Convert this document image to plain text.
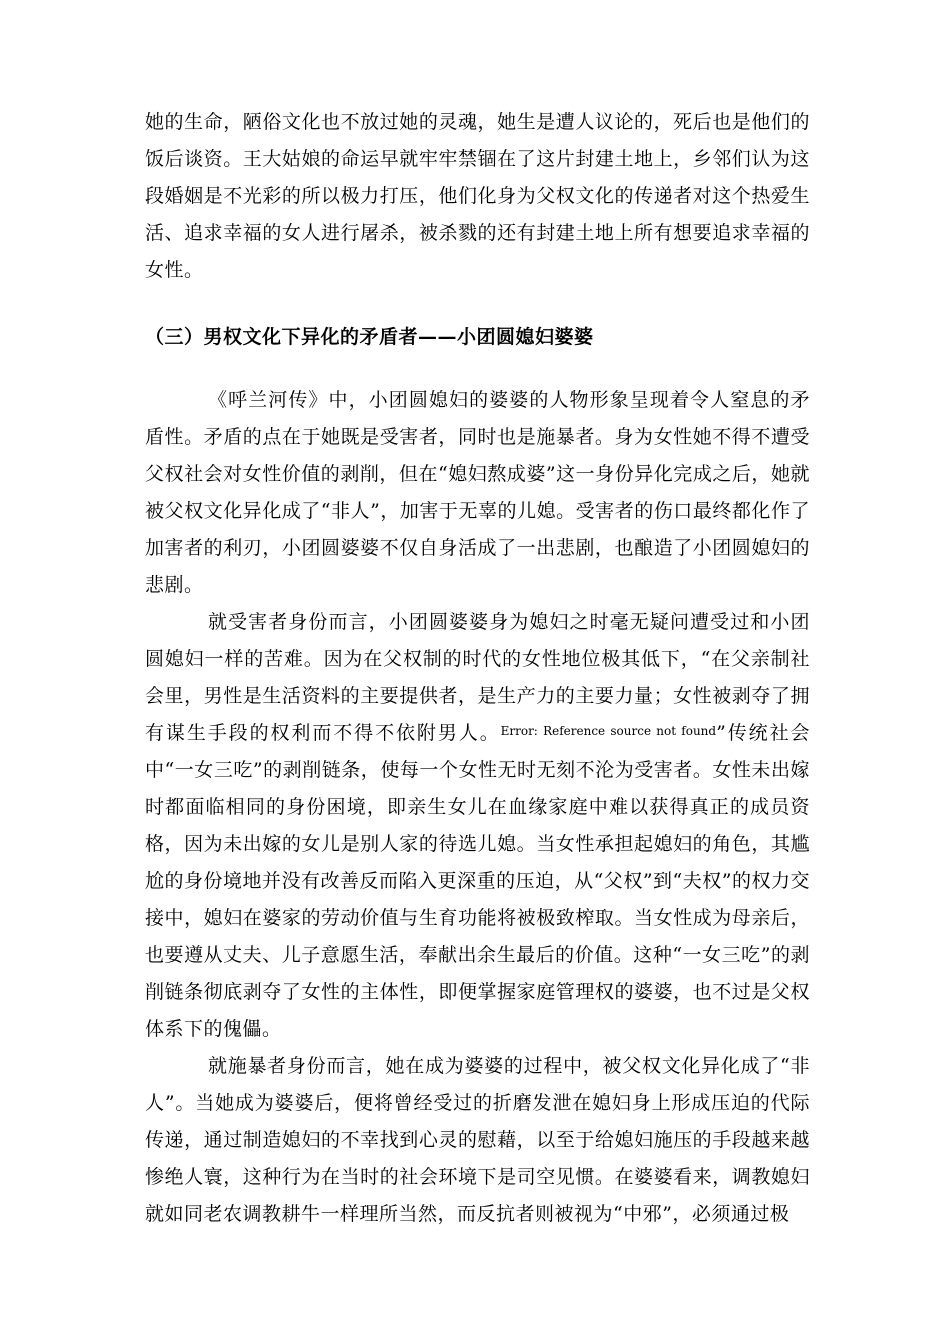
她的生命，陋俗文化也不放过她的灵魂，她生是遭人议论的，死后也是他们的饭后谈资。王大姑娘的命运早就牢牢禁锢在了这片封建土地上，乡邻们认为这段婚姻是不光彩的所以极力打压，他们化身为父权文化的传递者对这个热爱生活、追求幸福的女人进行屠杀，被杀戮的还有封建土地上所有想要追求幸福的女性。

（三）男权文化下异化的矛盾者——小团圆媳妇婆婆

《呼兰河传》中，小团圆媳妇的婆婆的人物形象呈现着令人窒息的矛盾性。矛盾的点在于她既是受害者，同时也是施暴者。身为女性她不得不遭受父权社会对女性价值的剥削，但在“媳妇熬成婆”这一身份异化完成之后，她就被父权文化异化成了“非人”，加害于无辜的儿媳。受害者的伤口最终都化作了加害者的利刃，小团圆婆婆不仅自身活成了一出悲剧，也酿造了小团圆媳妇的悲剧。

就受害者身份而言，小团圆婆婆身为媳妇之时毫无疑问遭受过和小团圆媳妇一样的苦难。因为在父权制的时代的女性地位极其低下，“在父亲制社会里，男性是生活资料的主要提供者，是生产力的主要力量；女性被剥夺了拥有谋生手段的权利而不得不依附男人。$^{Error: Reference source not found}$”传统社会中“一女三吃”的剥削链条，使每一个女性无时无刻不沦为受害者。女性未出嫁时都面临相同的身份困境，即亲生女儿在血缘家庭中难以获得真正的成员资格，因为未出嫁的女儿是别人家的待选儿媳。当女性承担起媳妇的角色，其尴尬的身份境地并没有改善反而陷入更深重的压迫，从“父权”到“夫权”的权力交接中，媳妇在婆家的劳动价值与生育功能将被极致榨取。当女性成为母亲后，也要遵从丈夫、儿子意愿生活，奉献出余生最后的价值。这种“一女三吃”的剥削链条彻底剥夺了女性的主体性，即便掌握家庭管理权的婆婆，也不过是父权体系下的傀儡。

就施暴者身份而言，她在成为婆婆的过程中，被父权文化异化成了“非人”。当她成为婆婆后，便将曾经受过的折磨发泄在媳妇身上形成压迫的代际传递，通过制造媳妇的不幸找到心灵的慰藉，以至于给媳妇施压的手段越来越惨绝人寰，这种行为在当时的社会环境下是司空见惯。在婆婆看来，调教媳妇就如同老农调教耕牛一样理所当然，而反抗者则被视为“中邪”，必须通过极
